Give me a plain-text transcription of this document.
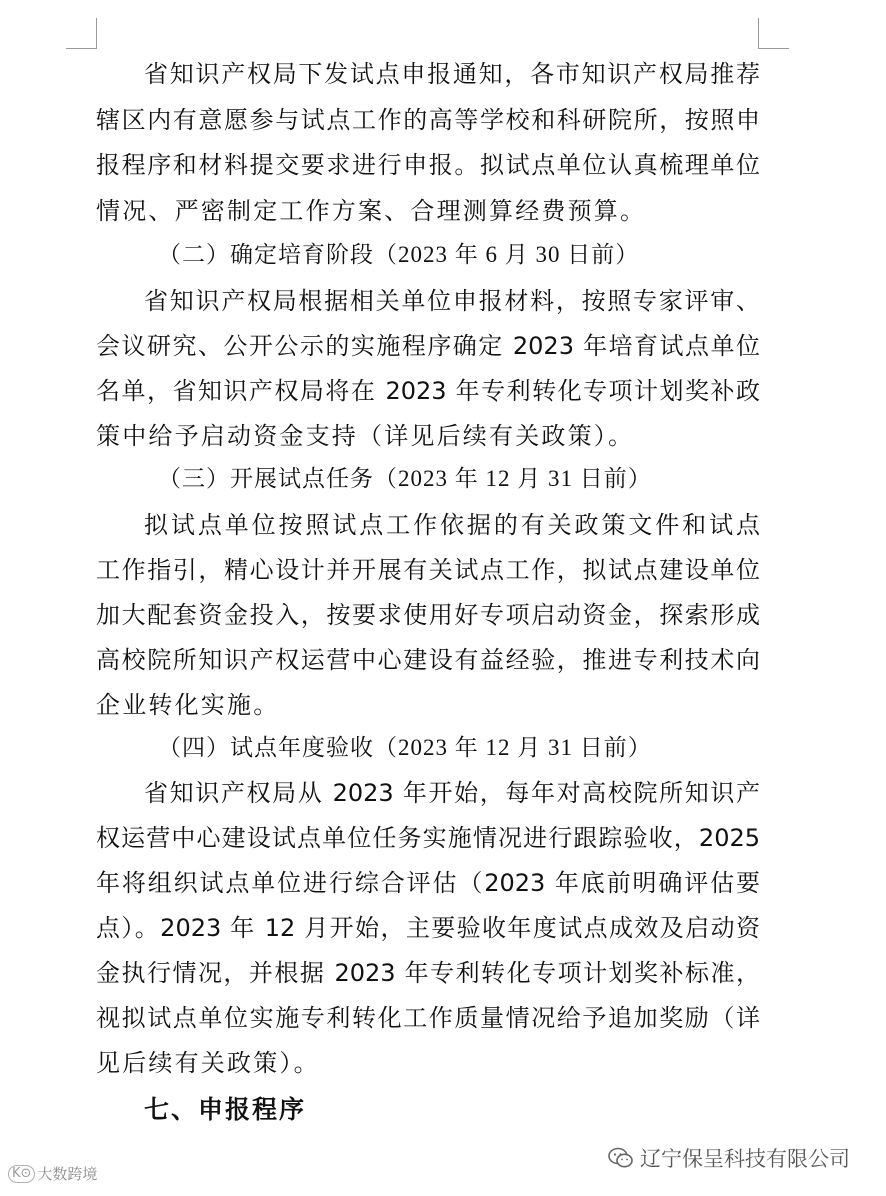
省知识产权局下发试点申报通知，各市知识产权局推荐
辖区内有意愿参与试点工作的高等学校和科研院所，按照申
报程序和材料提交要求进行申报。拟试点单位认真梳理单位
情况、严密制定工作方案、合理测算经费预算。
（二）确定培育阶段（2023 年 6 月 30 日前）
省知识产权局根据相关单位申报材料，按照专家评审、
会议研究、公开公示的实施程序确定 2023 年培育试点单位
名单，省知识产权局将在 2023 年专利转化专项计划奖补政
策中给予启动资金支持（详见后续有关政策）。
（三）开展试点任务（2023 年 12 月 31 日前）
拟试点单位按照试点工作依据的有关政策文件和试点
工作指引，精心设计并开展有关试点工作，拟试点建设单位
加大配套资金投入，按要求使用好专项启动资金，探索形成
高校院所知识产权运营中心建设有益经验，推进专利技术向
企业转化实施。
（四）试点年度验收（2023 年 12 月 31 日前）
省知识产权局从 2023 年开始，每年对高校院所知识产
权运营中心建设试点单位任务实施情况进行跟踪验收，2025
年将组织试点单位进行综合评估（2023 年底前明确评估要
点）。2023 年 12 月开始，主要验收年度试点成效及启动资
金执行情况，并根据 2023 年专利转化专项计划奖补标准，
视拟试点单位实施专利转化工作质量情况给予追加奖励（详
见后续有关政策）。
七、申报程序
K⊙ 大数跨境
辽宁保呈科技有限公司
